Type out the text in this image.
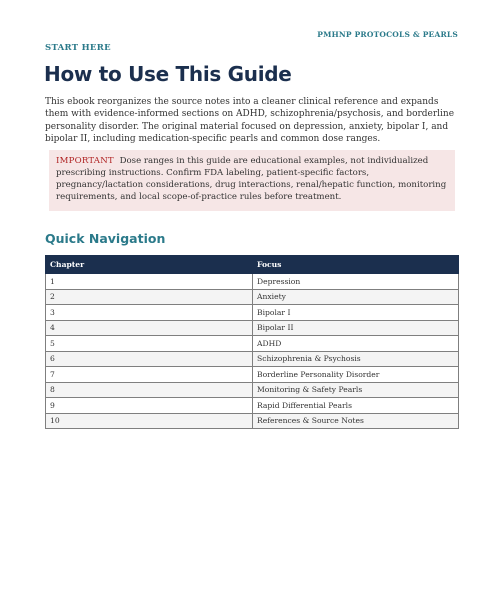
PMHNP PROTOCOLS & PEARLS
START HERE
How to Use This Guide

This ebook reorganizes the source notes into a cleaner clinical reference and expands them with evidence-informed sections on ADHD, schizophrenia/psychosis, and borderline personality disorder. The original material focused on depression, anxiety, bipolar I, and bipolar II, including medication-specific pearls and common dose ranges.

IMPORTANT Dose ranges in this guide are educational examples, not individualized prescribing instructions. Confirm FDA labeling, patient-specific factors, pregnancy/lactation considerations, drug interactions, renal/hepatic function, monitoring requirements, and local scope-of-practice rules before treatment.
Quick Navigation
Chapter	Focus
1	Depression
2	Anxiety
3	Bipolar I
4	Bipolar II
5	ADHD
6	Schizophrenia & Psychosis
7	Borderline Personality Disorder
8	Monitoring & Safety Pearls
9	Rapid Differential Pearls
10	References & Source Notes
